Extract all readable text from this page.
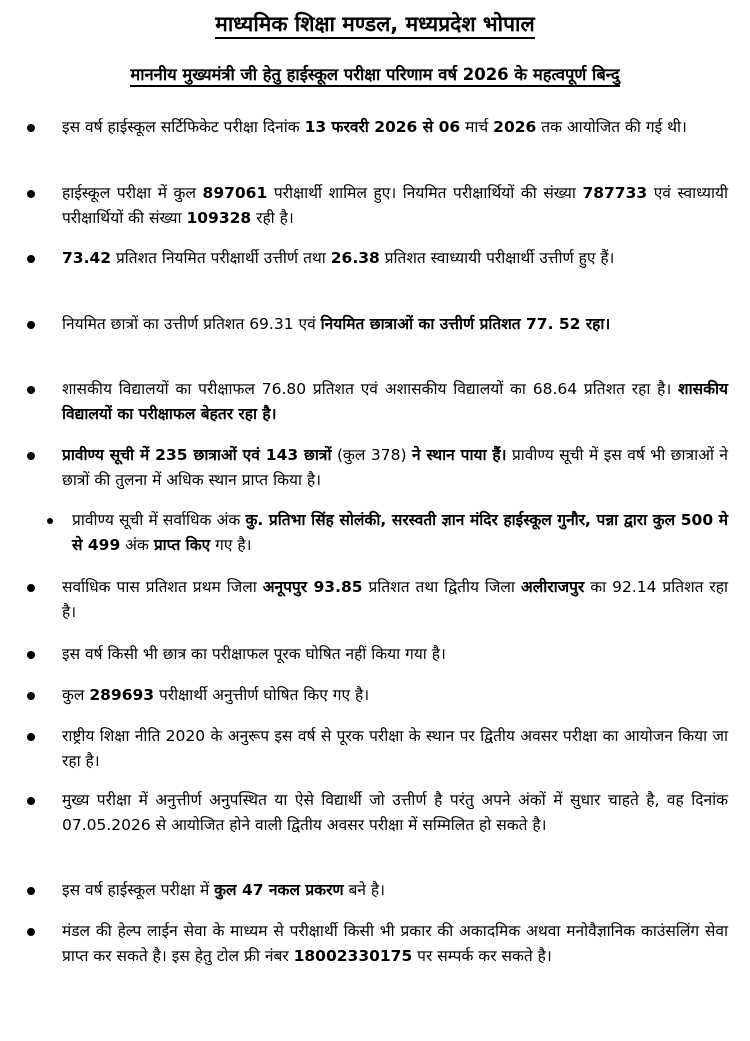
माध्यमिक शिक्षा मण्डल, मध्यप्रदेश भोपाल
माननीय मुख्यमंत्री जी हेतु हाईस्कूल परीक्षा परिणाम वर्ष 2026 के महत्वपूर्ण बिन्दु
इस वर्ष हाईस्कूल सर्टिफिकेट परीक्षा दिनांक 13 फरवरी 2026 से 06 मार्च 2026 तक आयोजित की गई थी।
हाईस्कूल परीक्षा में कुल 897061 परीक्षार्थी शामिल हुए। नियमित परीक्षार्थियों की संख्या 787733 एवं स्वाध्यायी परीक्षार्थियों की संख्या 109328 रही है।
73.42 प्रतिशत नियमित परीक्षार्थी उत्तीर्ण तथा 26.38 प्रतिशत स्वाध्यायी परीक्षार्थी उत्तीर्ण हुए हैं।
नियमित छात्रों का उत्तीर्ण प्रतिशत 69.31 एवं नियमित छात्राओं का उत्तीर्ण प्रतिशत 77. 52 रहा।
शासकीय विद्यालयों का परीक्षाफल 76.80 प्रतिशत एवं अशासकीय विद्यालयों का 68.64 प्रतिशत रहा है। शासकीय विद्यालयों का परीक्षाफल बेहतर रहा है।
प्रावीण्य सूची में 235 छात्राओं एवं 143 छात्रों (कुल 378) ने स्थान पाया हैं। प्रावीण्य सूची में इस वर्ष भी छात्राओं ने छात्रों की तुलना में अधिक स्थान प्राप्त किया है।
प्रावीण्य सूची में सर्वाधिक अंक कु. प्रतिभा सिंह सोलंकी, सरस्वती ज्ञान मंदिर हाईस्कूल गुनौर, पन्ना द्वारा कुल 500 मे से 499 अंक प्राप्त किए गए है।
सर्वाधिक पास प्रतिशत प्रथम जिला अनूपपुर 93.85 प्रतिशत तथा द्वितीय जिला अलीराजपुर का 92.14 प्रतिशत रहा है।
इस वर्ष किसी भी छात्र का परीक्षाफल पूरक घोषित नहीं किया गया है।
कुल 289693 परीक्षार्थी अनुत्तीर्ण घोषित किए गए है।
राष्ट्रीय शिक्षा नीति 2020 के अनुरूप इस वर्ष से पूरक परीक्षा के स्थान पर द्वितीय अवसर परीक्षा का आयोजन किया जा रहा है।
मुख्य परीक्षा में अनुत्तीर्ण अनुपस्थित या ऐसे विद्यार्थी जो उत्तीर्ण है परंतु अपने अंकों में सुधार चाहते है, वह दिनांक 07.05.2026 से आयोजित होने वाली द्वितीय अवसर परीक्षा में सम्मिलित हो सकते है।
इस वर्ष हाईस्कूल परीक्षा में कुल 47 नकल प्रकरण बने है।
मंडल की हेल्प लाईन सेवा के माध्यम से परीक्षार्थी किसी भी प्रकार की अकादमिक अथवा मनोवैज्ञानिक काउंसलिंग सेवा प्राप्त कर सकते है। इस हेतु टोल फ्री नंबर 18002330175 पर सम्पर्क कर सकते है।
